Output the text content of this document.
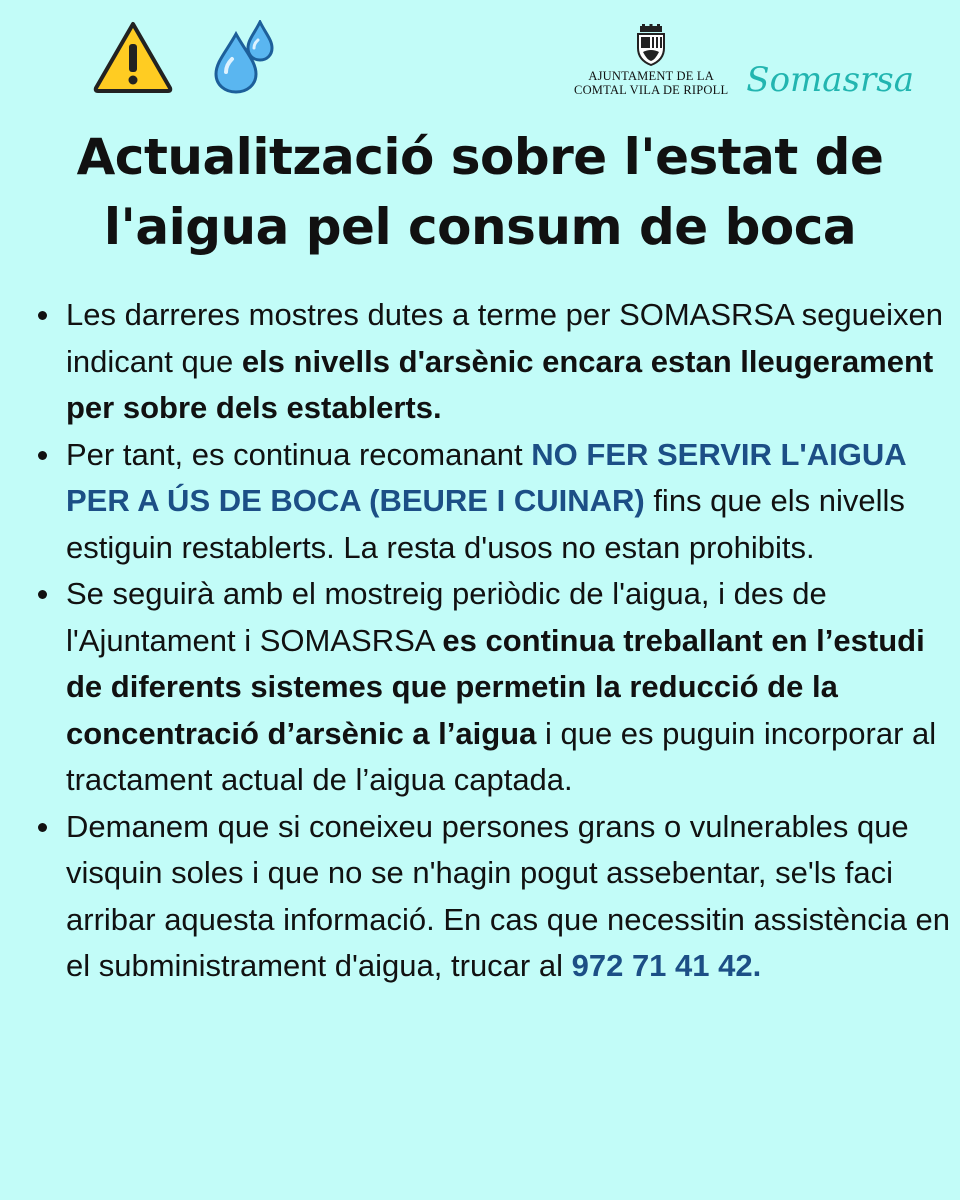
AJUNTAMENT DE LA
COMTAL VILA DE RIPOLL Somasrsa
Actualització sobre l'estat de
l'aigua pel consum de boca
Les darreres mostres dutes a terme per SOMASRSA segueixen indicant que els nivells d'arsènic encara estan lleugerament per sobre dels establerts.
Per tant, es continua recomanant NO FER SERVIR L'AIGUA PER A ÚS DE BOCA (BEURE I CUINAR) fins que els nivells estiguin restablerts. La resta d'usos no estan prohibits.
Se seguirà amb el mostreig periòdic de l'aigua, i des de l'Ajuntament i SOMASRSA es continua treballant en l’estudi de diferents sistemes que permetin la reducció de la concentració d’arsènic a l’aigua i que es puguin incorporar al tractament actual de l’aigua captada.
Demanem que si coneixeu persones grans o vulnerables que visquin soles i que no se n'hagin pogut assebentar, se'ls faci arribar aquesta informació. En cas que necessitin assistència en el subministrament d'aigua, trucar al 972 71 41 42.
